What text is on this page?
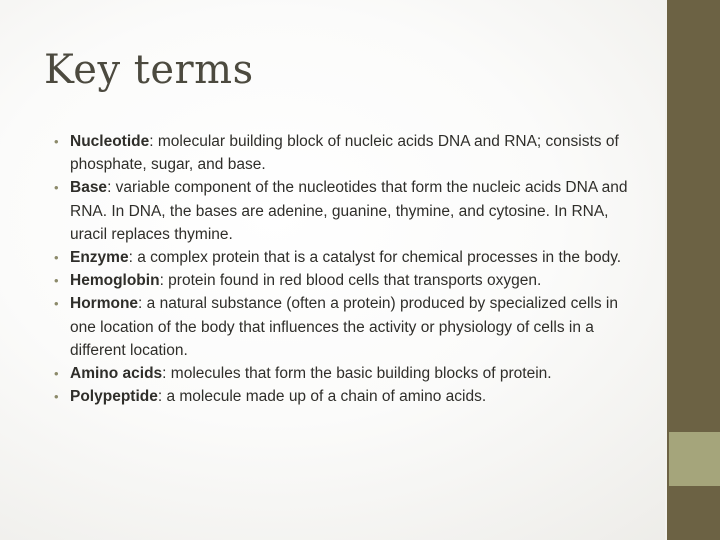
Key terms
• Nucleotide: molecular building block of nucleic acids DNA and RNA; consists of phosphate, sugar, and base.
• Base: variable component of the nucleotides that form the nucleic acids DNA and RNA. In DNA, the bases are adenine, guanine, thymine, and cytosine. In RNA, uracil replaces thymine.
• Enzyme: a complex protein that is a catalyst for chemical processes in the body.
• Hemoglobin: protein found in red blood cells that transports oxygen.
• Hormone: a natural substance (often a protein) produced by specialized cells in one location of the body that influences the activity or physiology of cells in a different location.
• Amino acids: molecules that form the basic building blocks of protein.
• Polypeptide: a molecule made up of a chain of amino acids.
